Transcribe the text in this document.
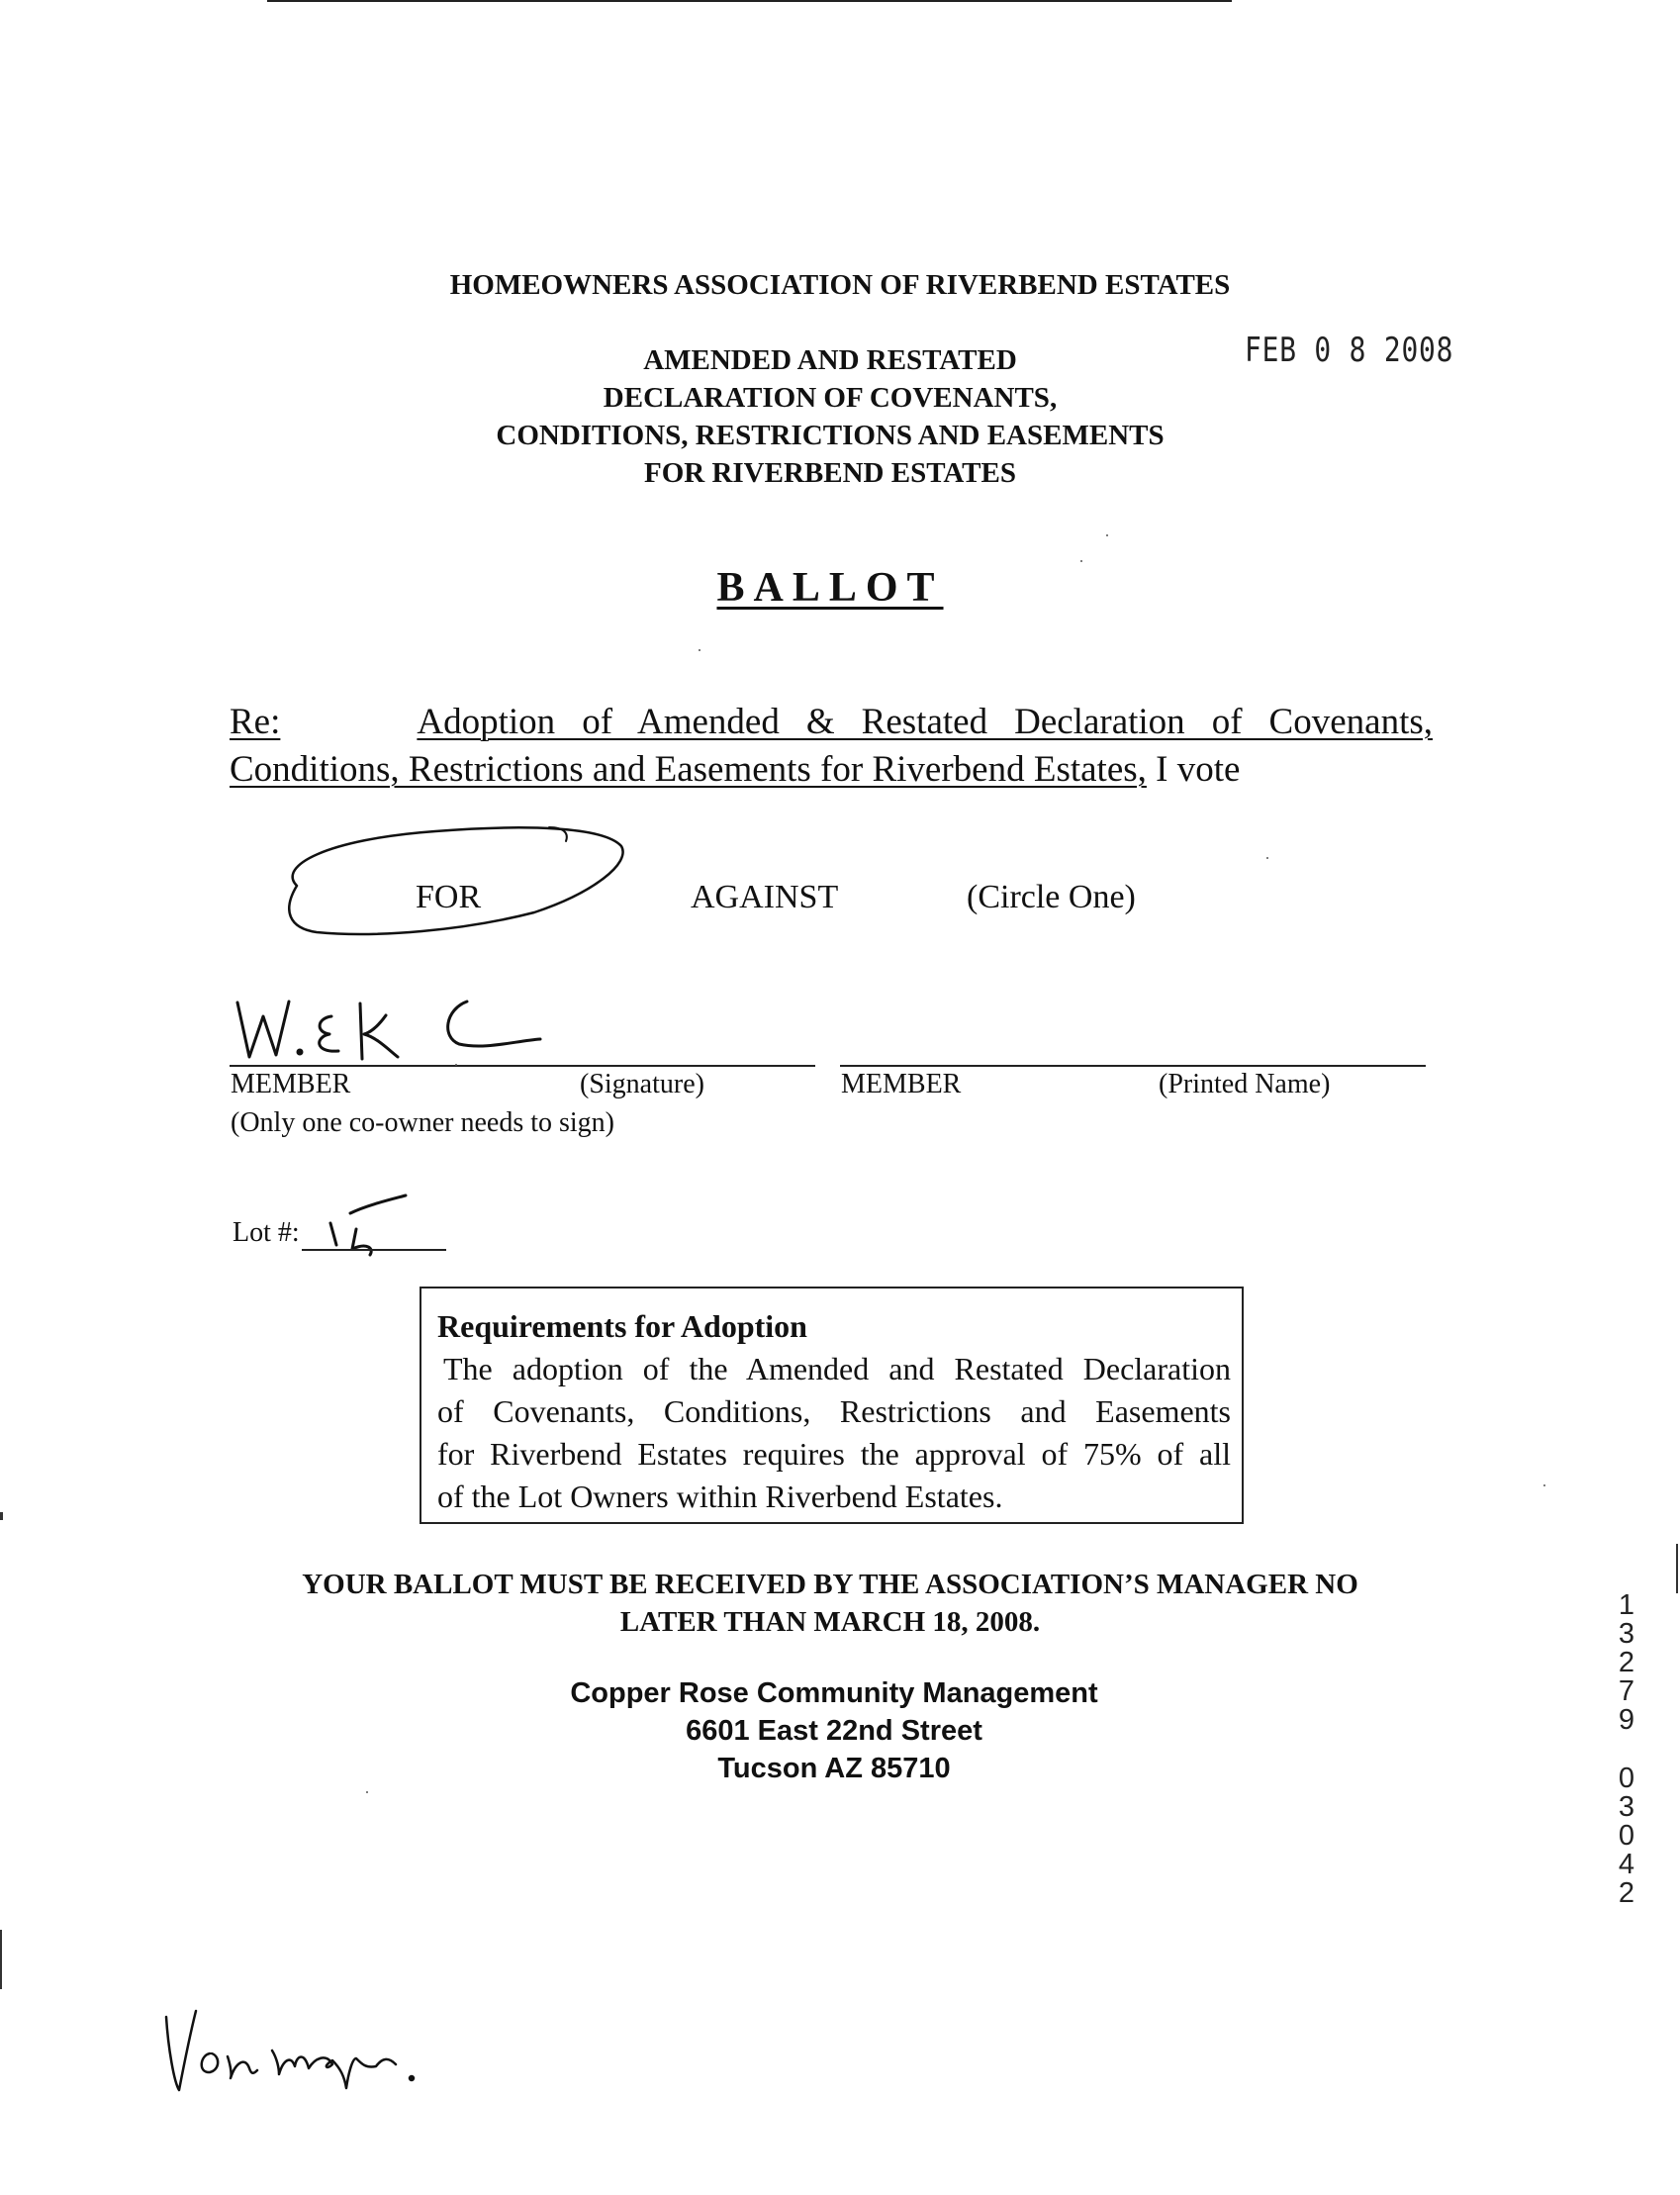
HOMEOWNERS ASSOCIATION OF RIVERBEND ESTATES
AMENDED AND RESTATED
DECLARATION OF COVENANTS,
CONDITIONS, RESTRICTIONS AND EASEMENTS
FOR RIVERBEND ESTATES
FEB 0 8 2008
BALLOT
Re:	Adoption of Amended & Restated Declaration of Covenants,
Conditions, Restrictions and Easements for Riverbend Estates, I vote
FOR	AGAINST	(Circle One)
MEMBER	(Signature)	MEMBER	(Printed Name)
(Only one co-owner needs to sign)
Lot #:
Requirements for Adoption
The adoption of the Amended and Restated Declaration
of Covenants, Conditions, Restrictions and Easements
for Riverbend Estates requires the approval of 75% of all
of the Lot Owners within Riverbend Estates.
YOUR BALLOT MUST BE RECEIVED BY THE ASSOCIATION’S MANAGER NO
LATER THAN MARCH 18, 2008.
Copper Rose Community Management
6601 East 22nd Street
Tucson AZ 85710
1
3
2
7
9
0
3
0
4
2
